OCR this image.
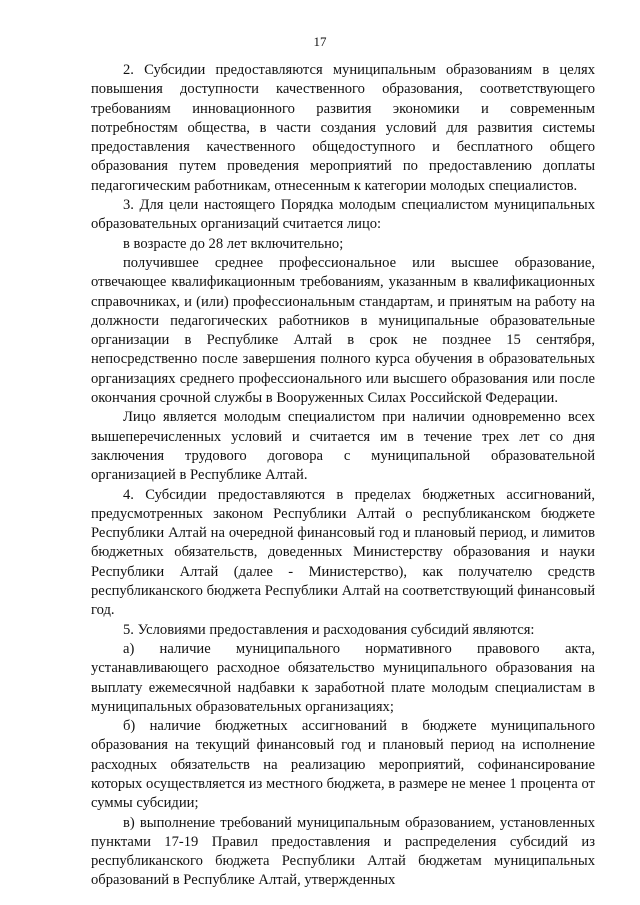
17

2. Субсидии предоставляются муниципальным образованиям в целях повышения доступности качественного образования, соответствующего требованиям инновационного развития экономики и современным потребностям общества, в части создания условий для развития системы предоставления качественного общедоступного и бесплатного общего образования путем проведения мероприятий по предоставлению доплаты педагогическим работникам, отнесенным к категории молодых специалистов.

3. Для цели настоящего Порядка молодым специалистом муниципальных образовательных организаций считается лицо:

в возрасте до 28 лет включительно;

получившее среднее профессиональное или высшее образование, отвечающее квалификационным требованиям, указанным в квалификационных справочниках, и (или) профессиональным стандартам, и принятым на работу на должности педагогических работников в муниципальные образовательные организации в Республике Алтай в срок не позднее 15 сентября, непосредственно после завершения полного курса обучения в образовательных организациях среднего профессионального или высшего образования или после окончания срочной службы в Вооруженных Силах Российской Федерации.

Лицо является молодым специалистом при наличии одновременно всех вышеперечисленных условий и считается им в течение трех лет со дня заключения трудового договора с муниципальной образовательной организацией в Республике Алтай.

4. Субсидии предоставляются в пределах бюджетных ассигнований, предусмотренных законом Республики Алтай о республиканском бюджете Республики Алтай на очередной финансовый год и плановый период, и лимитов бюджетных обязательств, доведенных Министерству образования и науки Республики Алтай (далее - Министерство), как получателю средств республиканского бюджета Республики Алтай на соответствующий финансовый год.

5. Условиями предоставления и расходования субсидий являются:

а) наличие муниципального нормативного правового акта, устанавливающего расходное обязательство муниципального образования на выплату ежемесячной надбавки к заработной плате молодым специалистам в муниципальных образовательных организациях;

б) наличие бюджетных ассигнований в бюджете муниципального образования на текущий финансовый год и плановый период на исполнение расходных обязательств на реализацию мероприятий, софинансирование которых осуществляется из местного бюджета, в размере не менее 1 процента от суммы субсидии;

в) выполнение требований муниципальным образованием, установленных пунктами 17-19 Правил предоставления и распределения субсидий из республиканского бюджета Республики Алтай бюджетам муниципальных образований в Республике Алтай, утвержденных
